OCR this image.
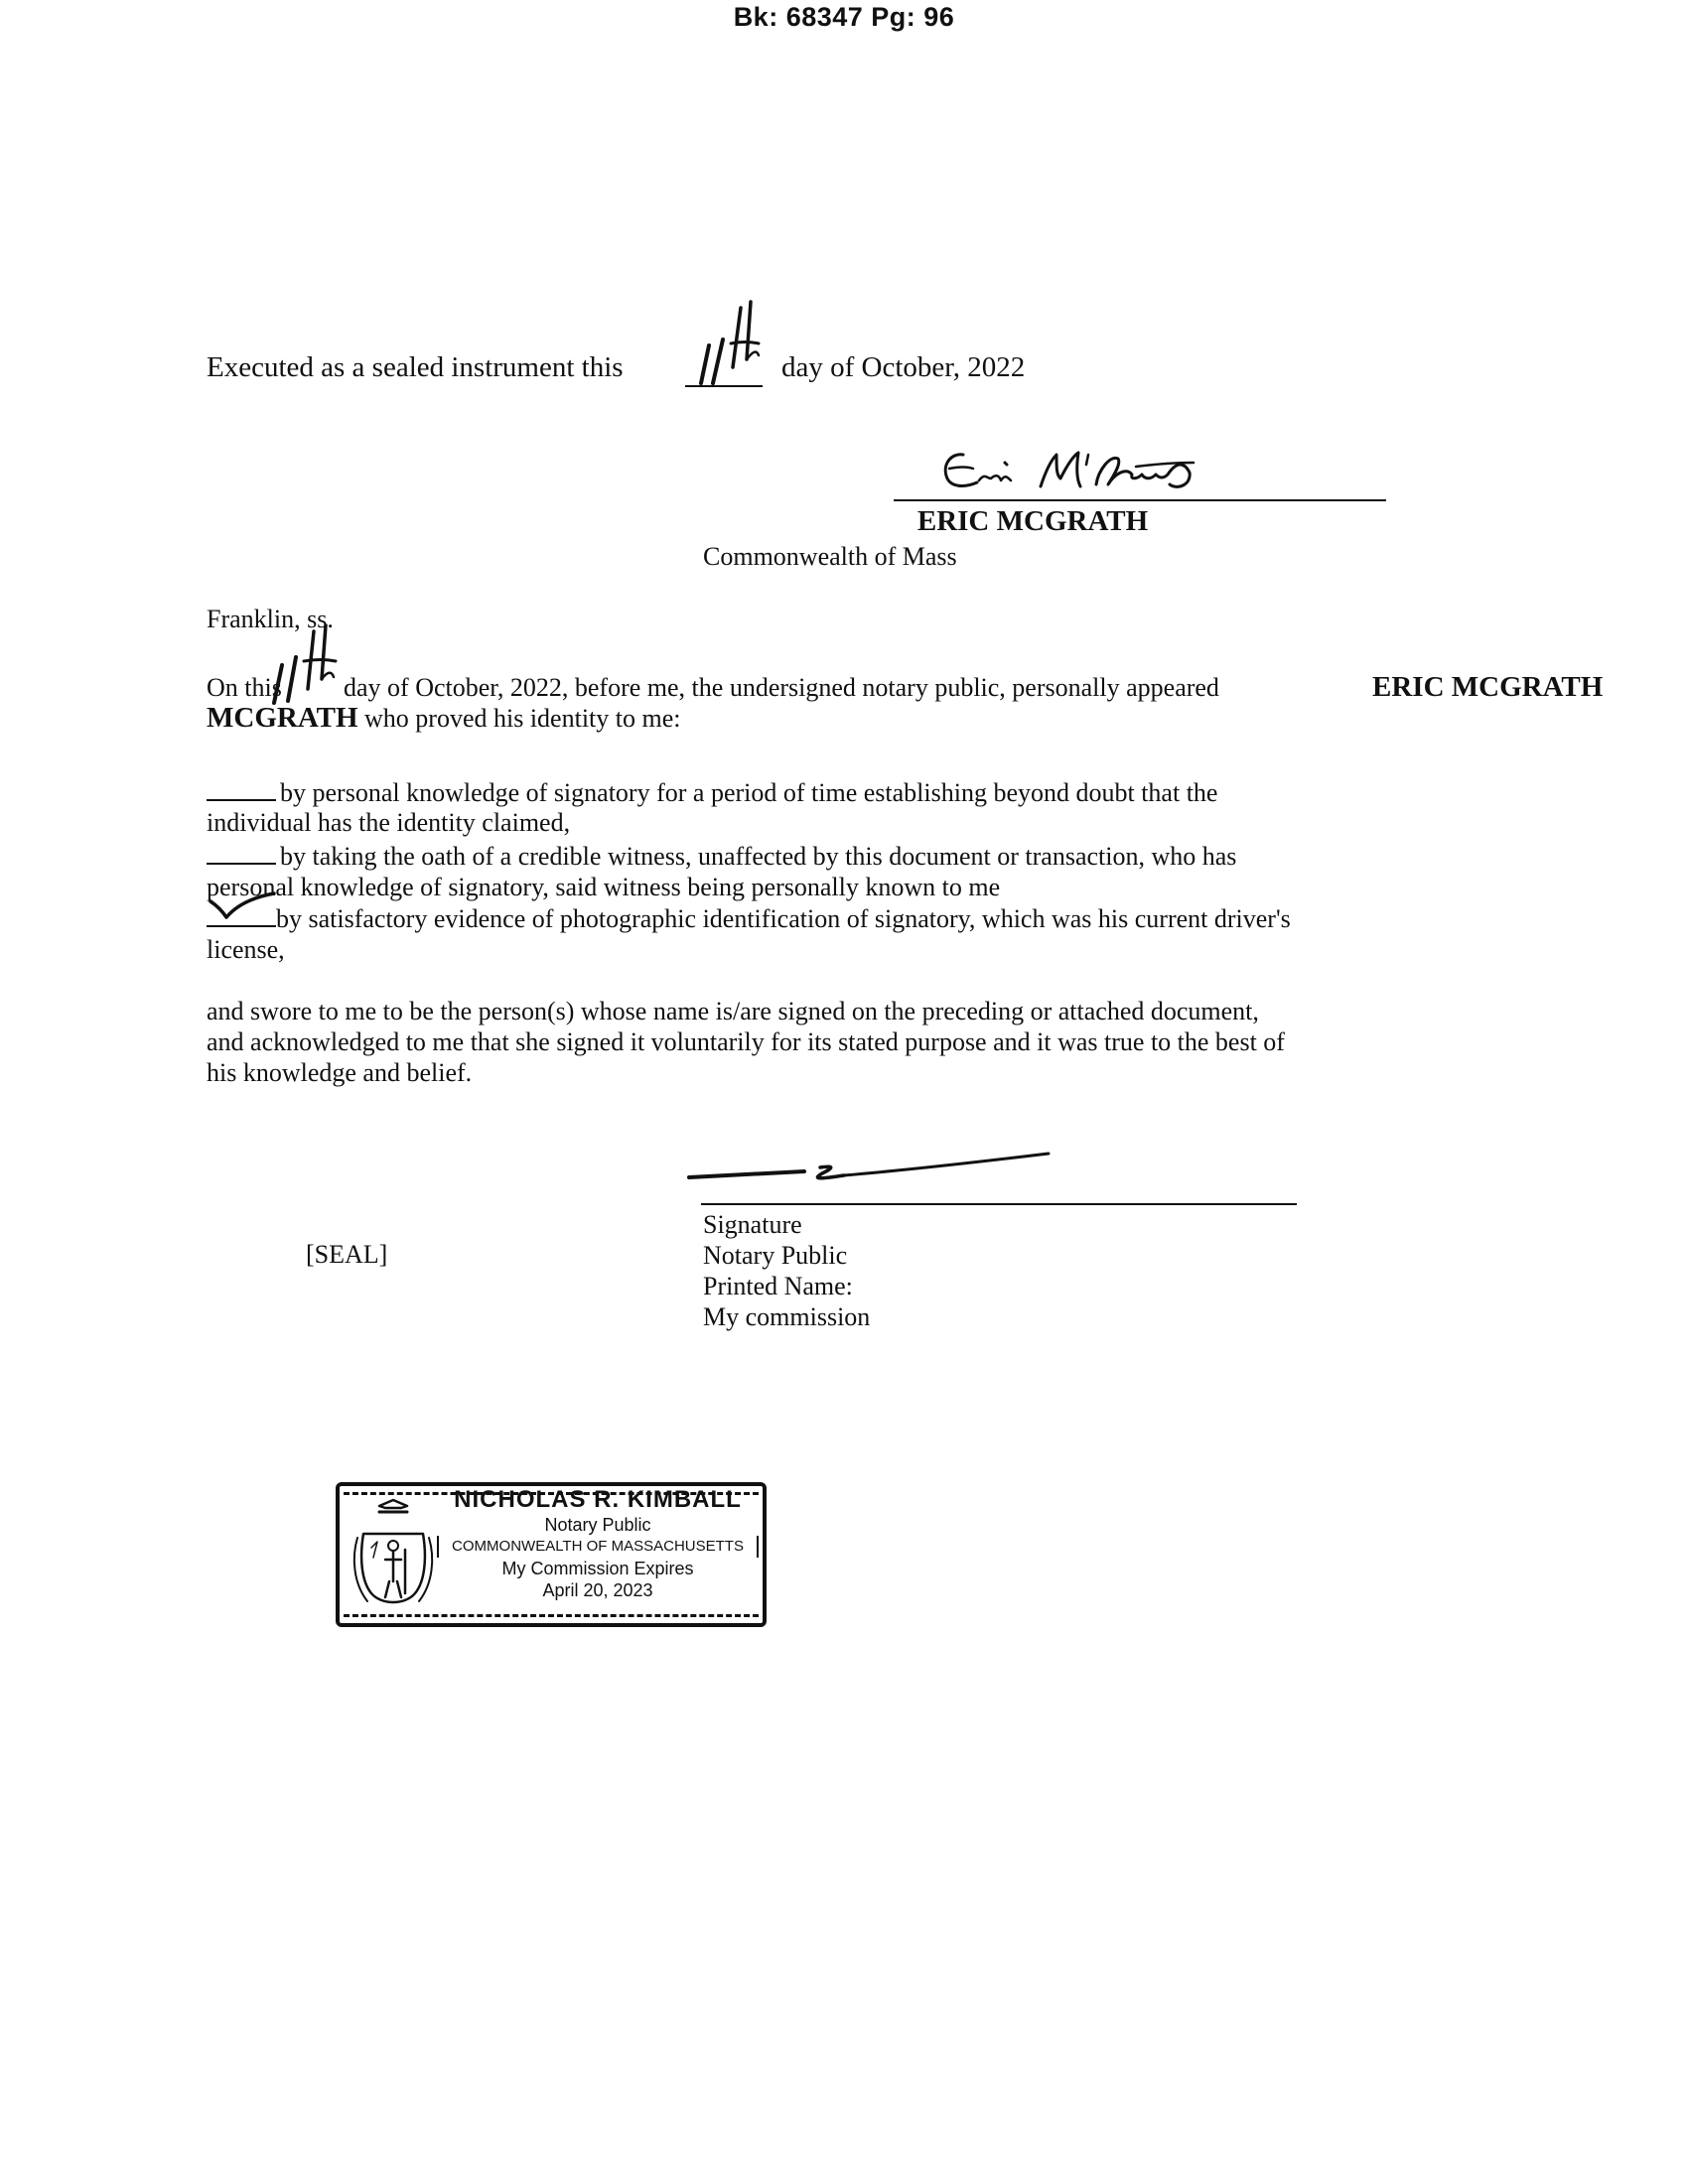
Bk: 68347 Pg: 96
Executed as a sealed instrument this	day of October, 2022
ERIC MCGRATH
Commonwealth of Mass
Franklin, ss.
On this day of October, 2022, before me, the undersigned notary public, personally appeared	ERIC MCGRATH
MCGRATH who proved his identity to me:
by personal knowledge of signatory for a period of time establishing beyond doubt that the
individual has the identity claimed,
by taking the oath of a credible witness, unaffected by this document or transaction, who has
personal knowledge of signatory, said witness being personally known to me
by satisfactory evidence of photographic identification of signatory, which was his current driver's
license,
and swore to me to be the person(s) whose name is/are signed on the preceding or attached document,
and acknowledged to me that she signed it voluntarily for its stated purpose and it was true to the best of
his knowledge and belief.
[SEAL]
Signature
Notary Public
Printed Name:
My commission
NICHOLAS R. KIMBALL
Notary Public
COMMONWEALTH OF MASSACHUSETTS
My Commission Expires
April 20, 2023
